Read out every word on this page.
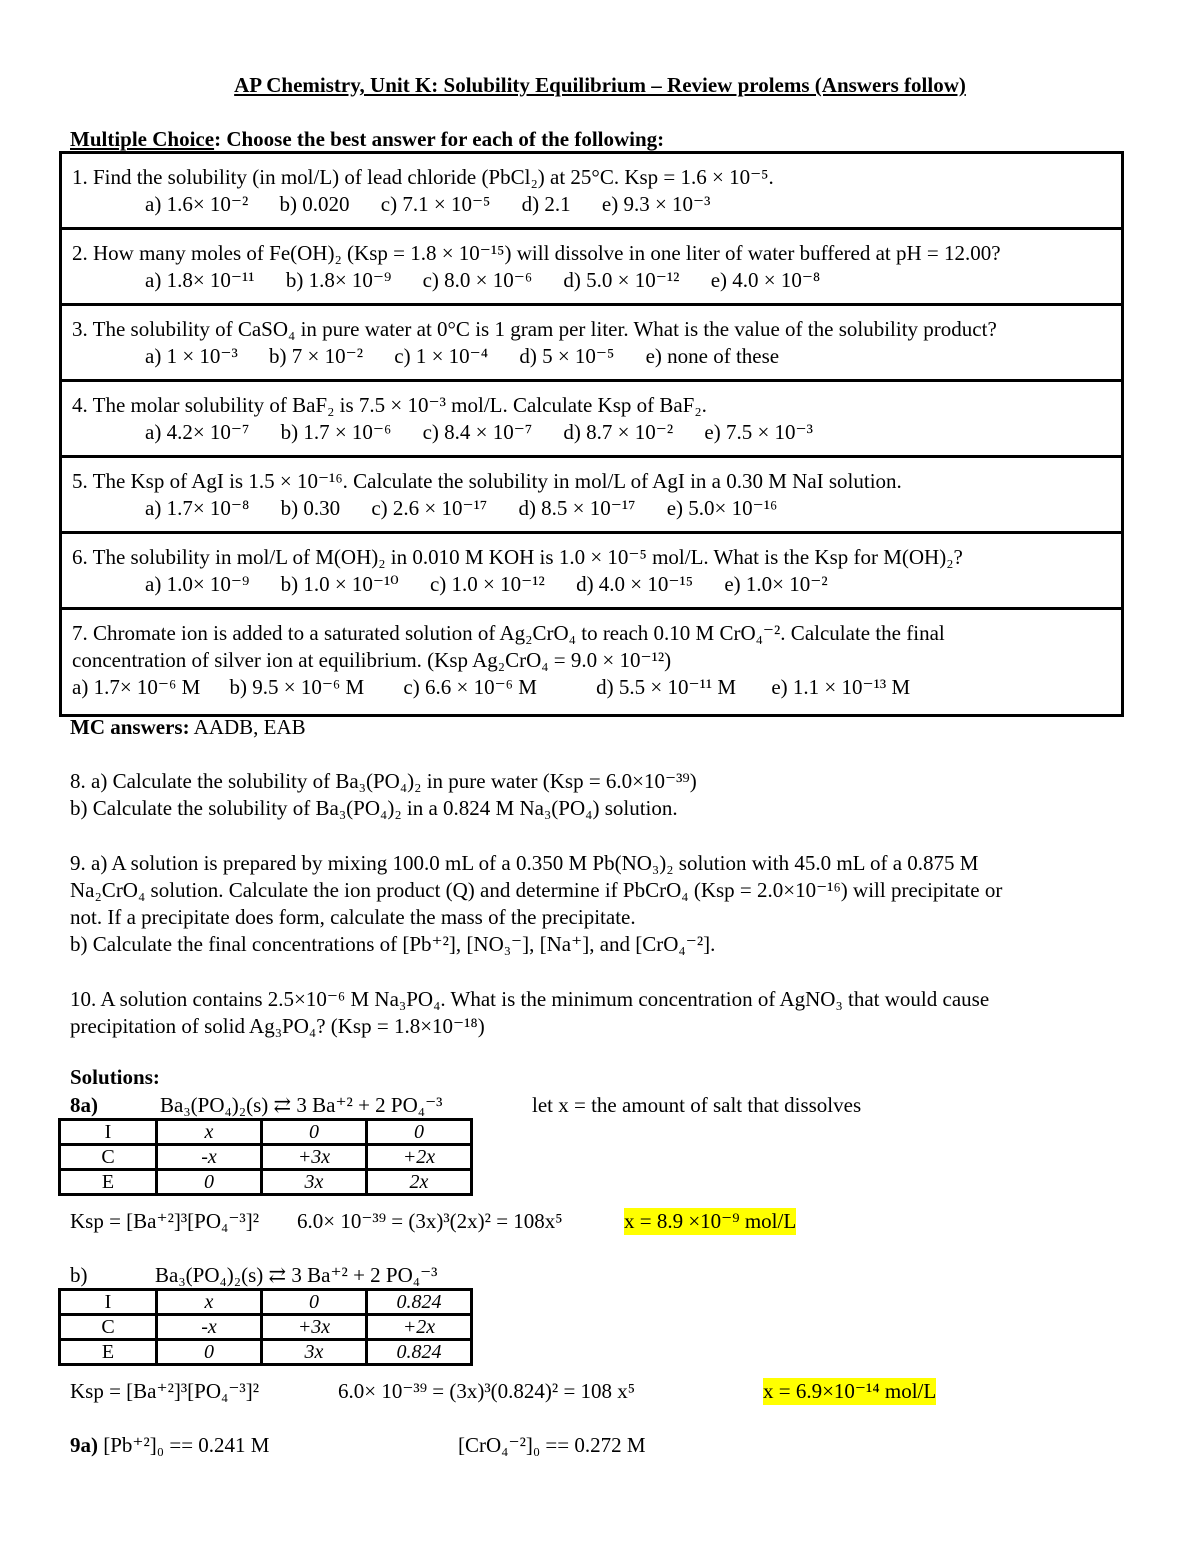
AP Chemistry, Unit K: Solubility Equilibrium – Review prolems (Answers follow)
Multiple Choice: Choose the best answer for each of the following:
1. Find the solubility (in mol/L) of lead chloride (PbCl₂) at 25°C. Ksp = 1.6 × 10⁻⁵.
a) 1.6× 10⁻² b) 0.020 c) 7.1 × 10⁻⁵ d) 2.1 e) 9.3 × 10⁻³
2. How many moles of Fe(OH)₂ (Ksp = 1.8 × 10⁻¹⁵) will dissolve in one liter of water buffered at pH = 12.00?
a) 1.8× 10⁻¹¹ b) 1.8× 10⁻⁹ c) 8.0 × 10⁻⁶ d) 5.0 × 10⁻¹² e) 4.0 × 10⁻⁸
3. The solubility of CaSO₄ in pure water at 0°C is 1 gram per liter. What is the value of the solubility product?
a) 1 × 10⁻³ b) 7 × 10⁻² c) 1 × 10⁻⁴ d) 5 × 10⁻⁵ e) none of these
4. The molar solubility of BaF₂ is 7.5 × 10⁻³ mol/L. Calculate Ksp of BaF₂.
a) 4.2× 10⁻⁷ b) 1.7 × 10⁻⁶ c) 8.4 × 10⁻⁷ d) 8.7 × 10⁻² e) 7.5 × 10⁻³
5. The Ksp of AgI is 1.5 × 10⁻¹⁶. Calculate the solubility in mol/L of AgI in a 0.30 M NaI solution.
a) 1.7× 10⁻⁸ b) 0.30 c) 2.6 × 10⁻¹⁷ d) 8.5 × 10⁻¹⁷ e) 5.0× 10⁻¹⁶
6. The solubility in mol/L of M(OH)₂ in 0.010 M KOH is 1.0 × 10⁻⁵ mol/L. What is the Ksp for M(OH)₂?
a) 1.0× 10⁻⁹ b) 1.0 × 10⁻¹⁰ c) 1.0 × 10⁻¹² d) 4.0 × 10⁻¹⁵ e) 1.0× 10⁻²
7. Chromate ion is added to a saturated solution of Ag₂CrO₄ to reach 0.10 M CrO₄⁻². Calculate the final
concentration of silver ion at equilibrium. (Ksp Ag₂CrO₄ = 9.0 × 10⁻¹²)
a) 1.7× 10⁻⁶ M b) 9.5 × 10⁻⁶ M c) 6.6 × 10⁻⁶ M	d) 5.5 × 10⁻¹¹ M e) 1.1 × 10⁻¹³ M
MC answers: AADB, EAB
8. a) Calculate the solubility of Ba₃(PO₄)₂ in pure water (Ksp = 6.0×10⁻³⁹)
b) Calculate the solubility of Ba₃(PO₄)₂ in a 0.824 M Na₃(PO₄) solution.
9. a) A solution is prepared by mixing 100.0 mL of a 0.350 M Pb(NO₃)₂ solution with 45.0 mL of a 0.875 M
Na₂CrO₄ solution. Calculate the ion product (Q) and determine if PbCrO₄ (Ksp = 2.0×10⁻¹⁶) will precipitate or
not. If a precipitate does form, calculate the mass of the precipitate.
b) Calculate the final concentrations of [Pb⁺²], [NO₃⁻], [Na⁺], and [CrO₄⁻²].
10. A solution contains 2.5×10⁻⁶ M Na₃PO₄. What is the minimum concentration of AgNO₃ that would cause
precipitation of solid Ag₃PO₄? (Ksp = 1.8×10⁻¹⁸)
Solutions:
8a)	Ba₃(PO₄)₂(s) ⇄ 3 Ba⁺² + 2 PO₄⁻³	let x = the amount of salt that dissolves
I	x	0	0
C	-x	+3x	+2x
E	0	3x	2x
Ksp = [Ba⁺²]³[PO₄⁻³]² 6.0× 10⁻³⁹ = (3x)³(2x)² = 108x⁵	x = 8.9 ×10⁻⁹ mol/L
b)	Ba₃(PO₄)₂(s) ⇄ 3 Ba⁺² + 2 PO₄⁻³
I	x	0	0.824
C	-x	+3x	+2x
E	0	3x	0.824
Ksp = [Ba⁺²]³[PO₄⁻³]²	6.0× 10⁻³⁹ = (3x)³(0.824)² = 108 x⁵	x = 6.9×10⁻¹⁴ mol/L
9a) [Pb⁺²]₀ == 0.241 M	[CrO₄⁻²]₀ == 0.272 M
